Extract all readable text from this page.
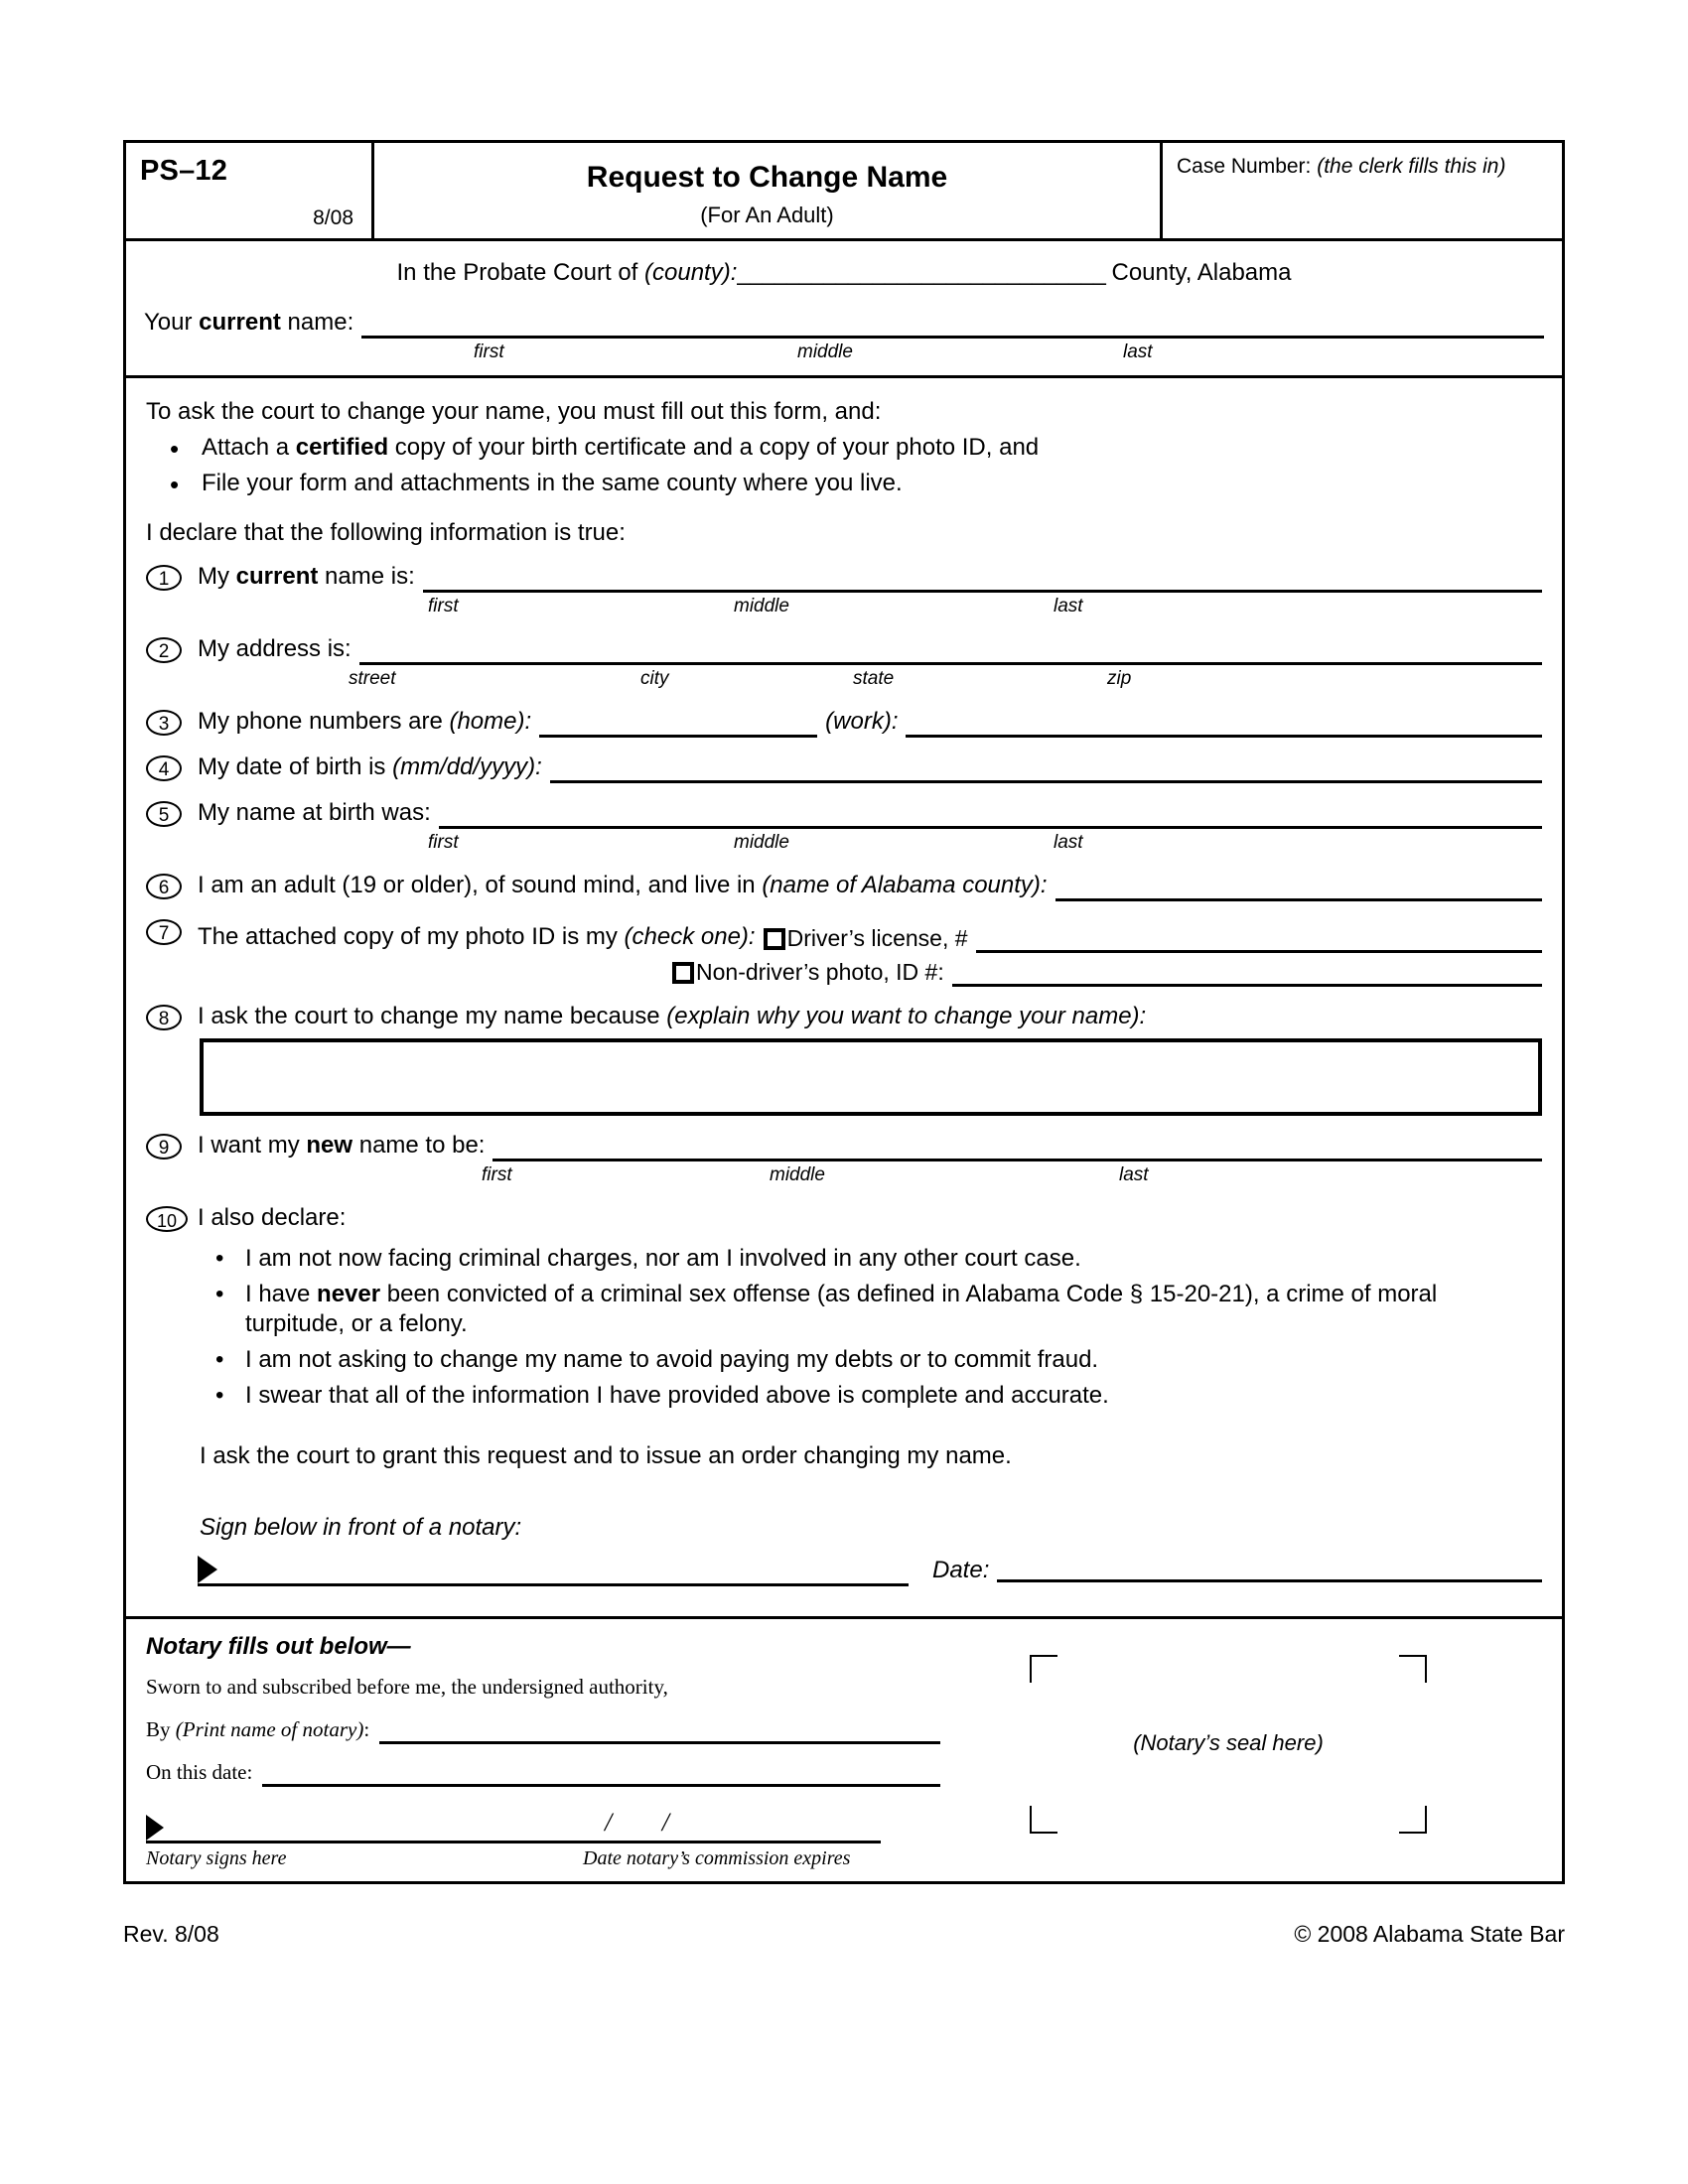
PS–12
8/08
Request to Change Name
(For An Adult)
Case Number: (the clerk fills this in)
In the Probate Court of (county):______________________________ County, Alabama
Your current name:
first	middle	last
To ask the court to change your name, you must fill out this form, and:
• Attach a certified copy of your birth certificate and a copy of your photo ID, and
• File your form and attachments in the same county where you live.
I declare that the following information is true:
1	My current name is:
first	middle	last
2	My address is:
street	city	state	zip
3	My phone numbers are (home):	(work):
4	My date of birth is (mm/dd/yyyy):
5	My name at birth was:
first	middle	last
6	I am an adult (19 or older), of sound mind, and live in (name of Alabama county):
7	The attached copy of my photo ID is my (check one): Driver’s license, #
Non-driver’s photo, ID #:
8	I ask the court to change my name because (explain why you want to change your name):
9	I want my new name to be:
first	middle	last
10 I also declare:
• I am not now facing criminal charges, nor am I involved in any other court case.
• I have never been convicted of a criminal sex offense (as defined in Alabama Code § 15-20-21), a crime of moral turpitude, or a felony.
• I am not asking to change my name to avoid paying my debts or to commit fraud.
• I swear that all of the information I have provided above is complete and accurate.
I ask the court to grant this request and to issue an order changing my name.
Sign below in front of a notary:
Date:
Notary fills out below—
Sworn to and subscribed before me, the undersigned authority,
By (Print name of notary):
On this date:
/ /
Notary signs here	Date notary’s commission expires
(Notary’s seal here)
Rev. 8/08	© 2008 Alabama State Bar
